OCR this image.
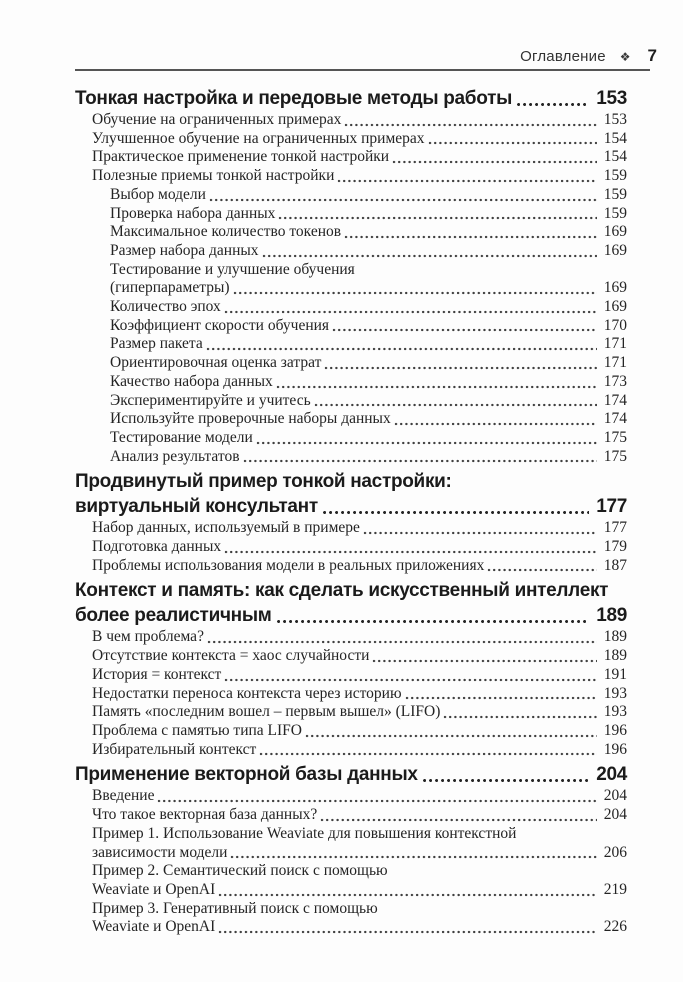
Оглавление ❖ 7
Тонкая настройка и передовые методы работы	153
Обучение на ограниченных примерах	153
Улучшенное обучение на ограниченных примерах	154
Практическое применение тонкой настройки	154
Полезные приемы тонкой настройки	159
Выбор модели	159
Проверка набора данных	159
Максимальное количество токенов	169
Размер набора данных	169
Тестирование и улучшение обучения
(гиперпараметры)	169
Количество эпох	169
Коэффициент скорости обучения	170
Размер пакета	171
Ориентировочная оценка затрат	171
Качество набора данных	173
Экспериментируйте и учитесь	174
Используйте проверочные наборы данных	174
Тестирование модели	175
Анализ результатов	175
Продвинутый пример тонкой настройки:
виртуальный консультант	177
Набор данных, используемый в примере	177
Подготовка данных	179
Проблемы использования модели в реальных приложениях	187
Контекст и память: как сделать искусственный интеллект
более реалистичным	189
В чем проблема?	189
Отсутствие контекста = хаос случайности	189
История = контекст	191
Недостатки переноса контекста через историю	193
Память «последним вошел – первым вышел» (LIFO)	193
Проблема с памятью типа LIFO	196
Избирательный контекст	196
Применение векторной базы данных	204
Введение	204
Что такое векторная база данных?	204
Пример 1. Использование Weaviate для повышения контекстной
зависимости модели	206
Пример 2. Семантический поиск с помощью
Weaviate и OpenAI	219
Пример 3. Генеративный поиск с помощью
Weaviate и OpenAI	226
